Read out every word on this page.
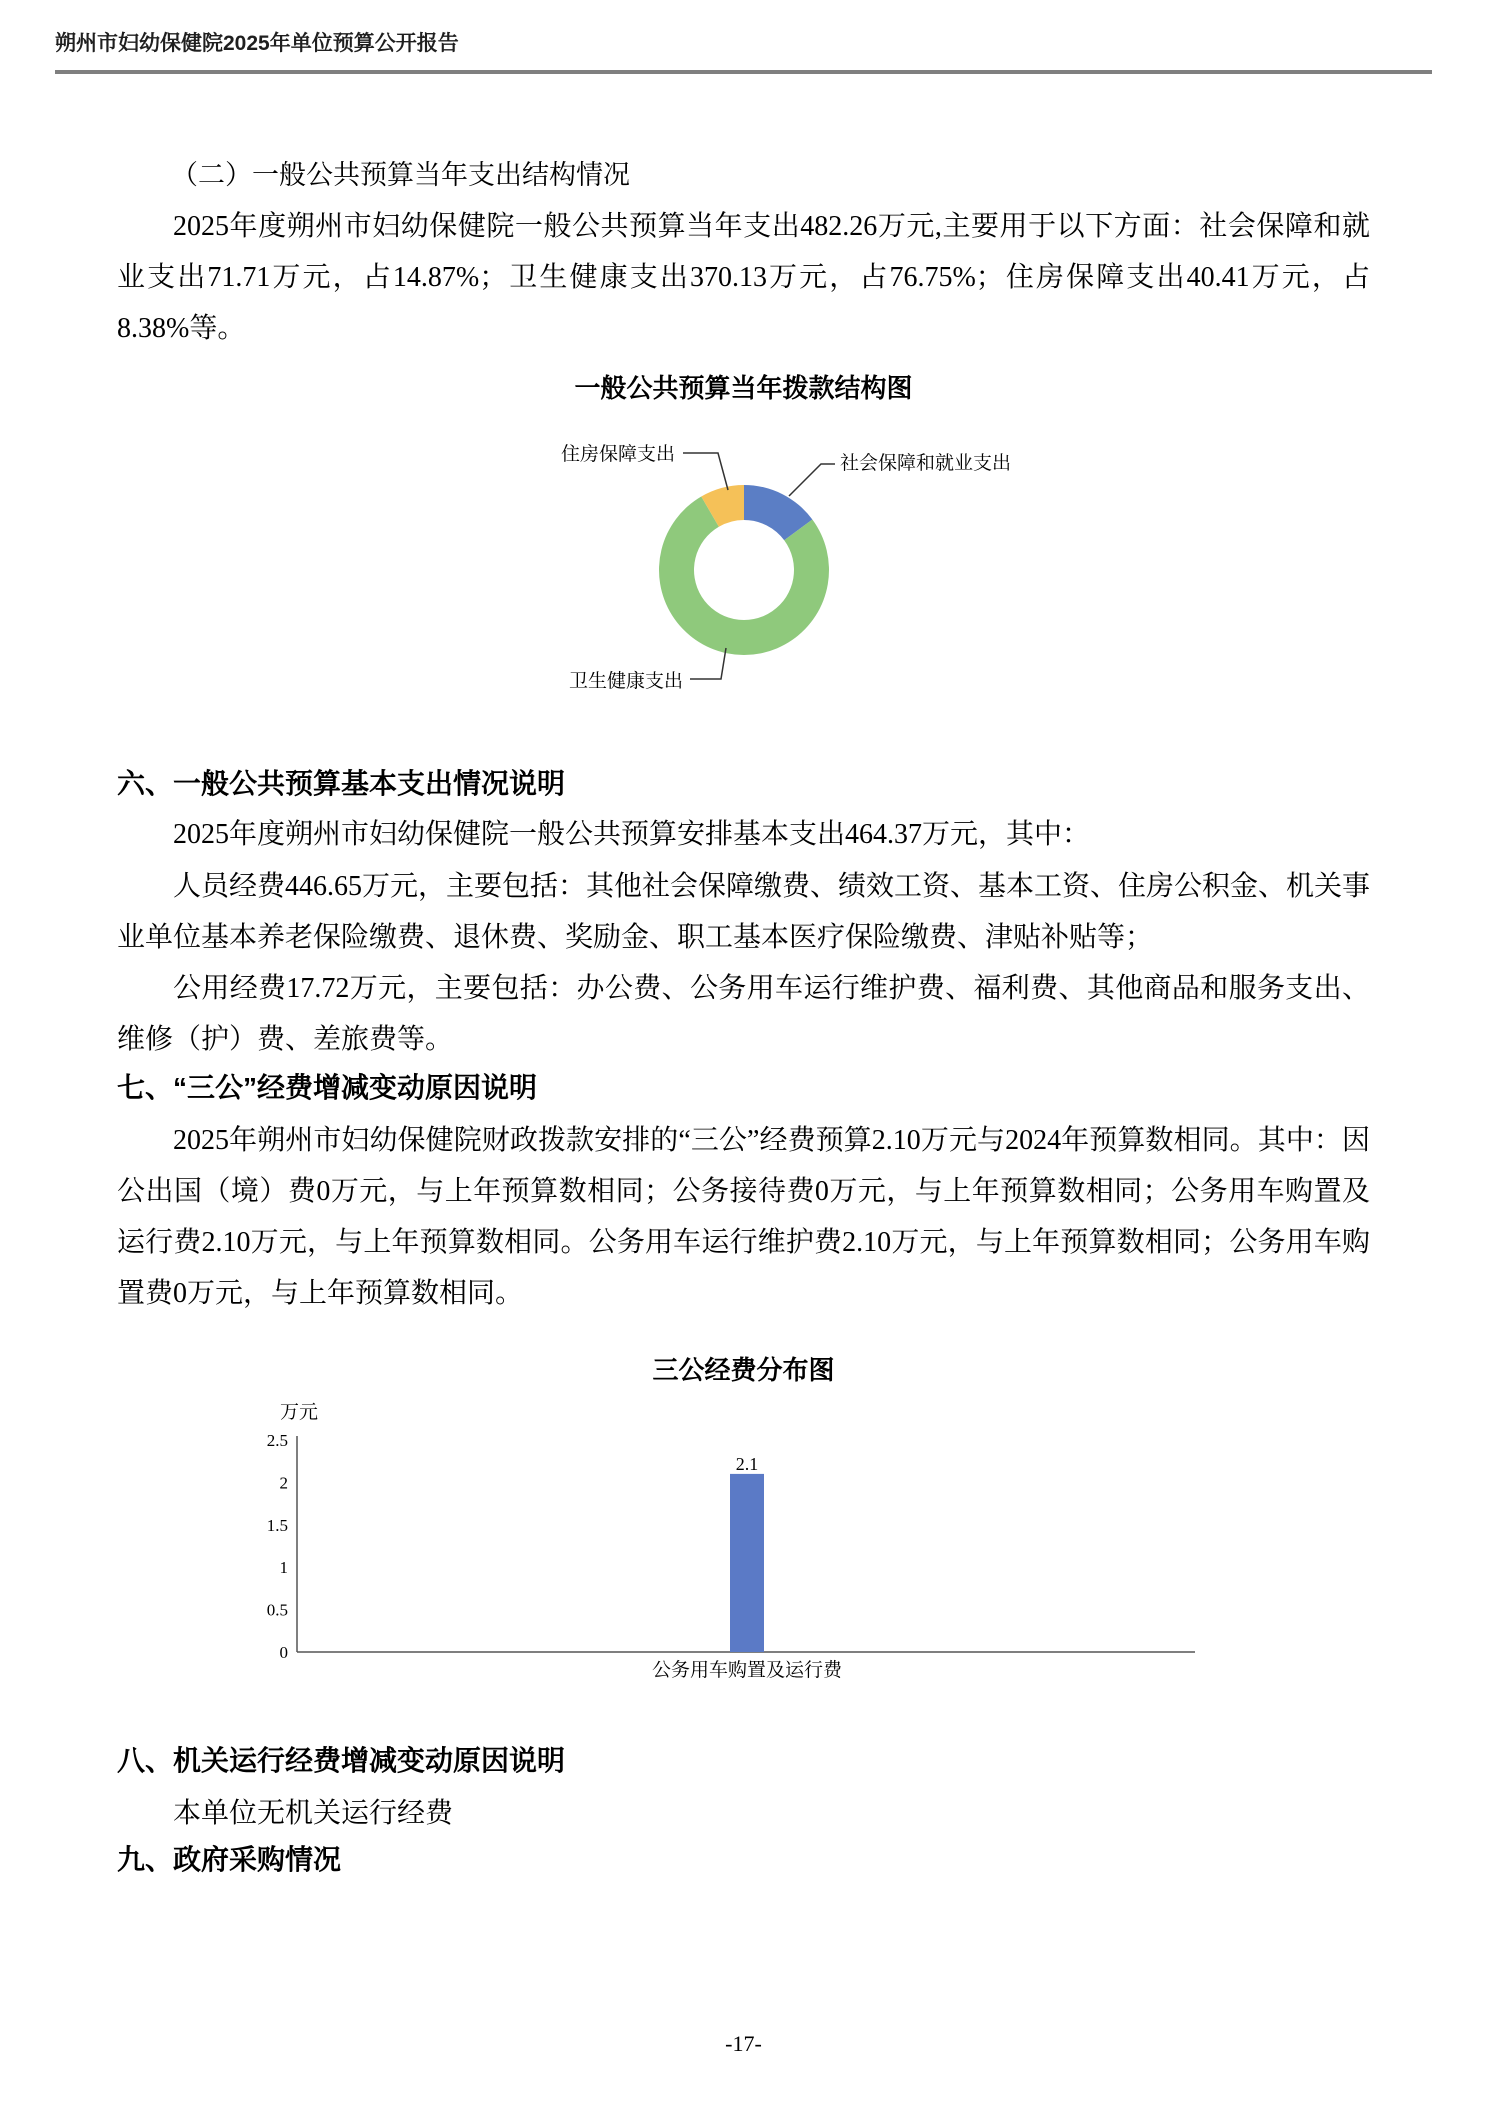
朔州市妇幼保健院2025年单位预算公开报告

（二）一般公共预算当年支出结构情况

2025年度朔州市妇幼保健院一般公共预算当年支出482.26万元,主要用于以下方面：社会保障和就业支出71.71万元，占14.87%；卫生健康支出370.13万元，占76.75%；住房保障支出40.41万元，占8.38%等。

一般公共预算当年拨款结构图
社会保障和就业支出
卫生健康支出
住房保障支出
六、一般公共预算基本支出情况说明

2025年度朔州市妇幼保健院一般公共预算安排基本支出464.37万元，其中：

人员经费446.65万元，主要包括：其他社会保障缴费、绩效工资、基本工资、住房公积金、机关事业单位基本养老保险缴费、退休费、奖励金、职工基本医疗保险缴费、津贴补贴等；

公用经费17.72万元，主要包括：办公费、公务用车运行维护费、福利费、其他商品和服务支出、维修（护）费、差旅费等。

七、“三公”经费增减变动原因说明

2025年朔州市妇幼保健院财政拨款安排的“三公”经费预算2.10万元与2024年预算数相同。其中：因公出国（境）费0万元，与上年预算数相同；公务接待费0万元，与上年预算数相同；公务用车购置及运行费2.10万元，与上年预算数相同。公务用车运行维护费2.10万元，与上年预算数相同；公务用车购置费0万元，与上年预算数相同。

三公经费分布图
万元
0
0.5
1
1.5
2
2.5
2.1
公务用车购置及运行费
八、机关运行经费增减变动原因说明

本单位无机关运行经费

九、政府采购情况
-17-
